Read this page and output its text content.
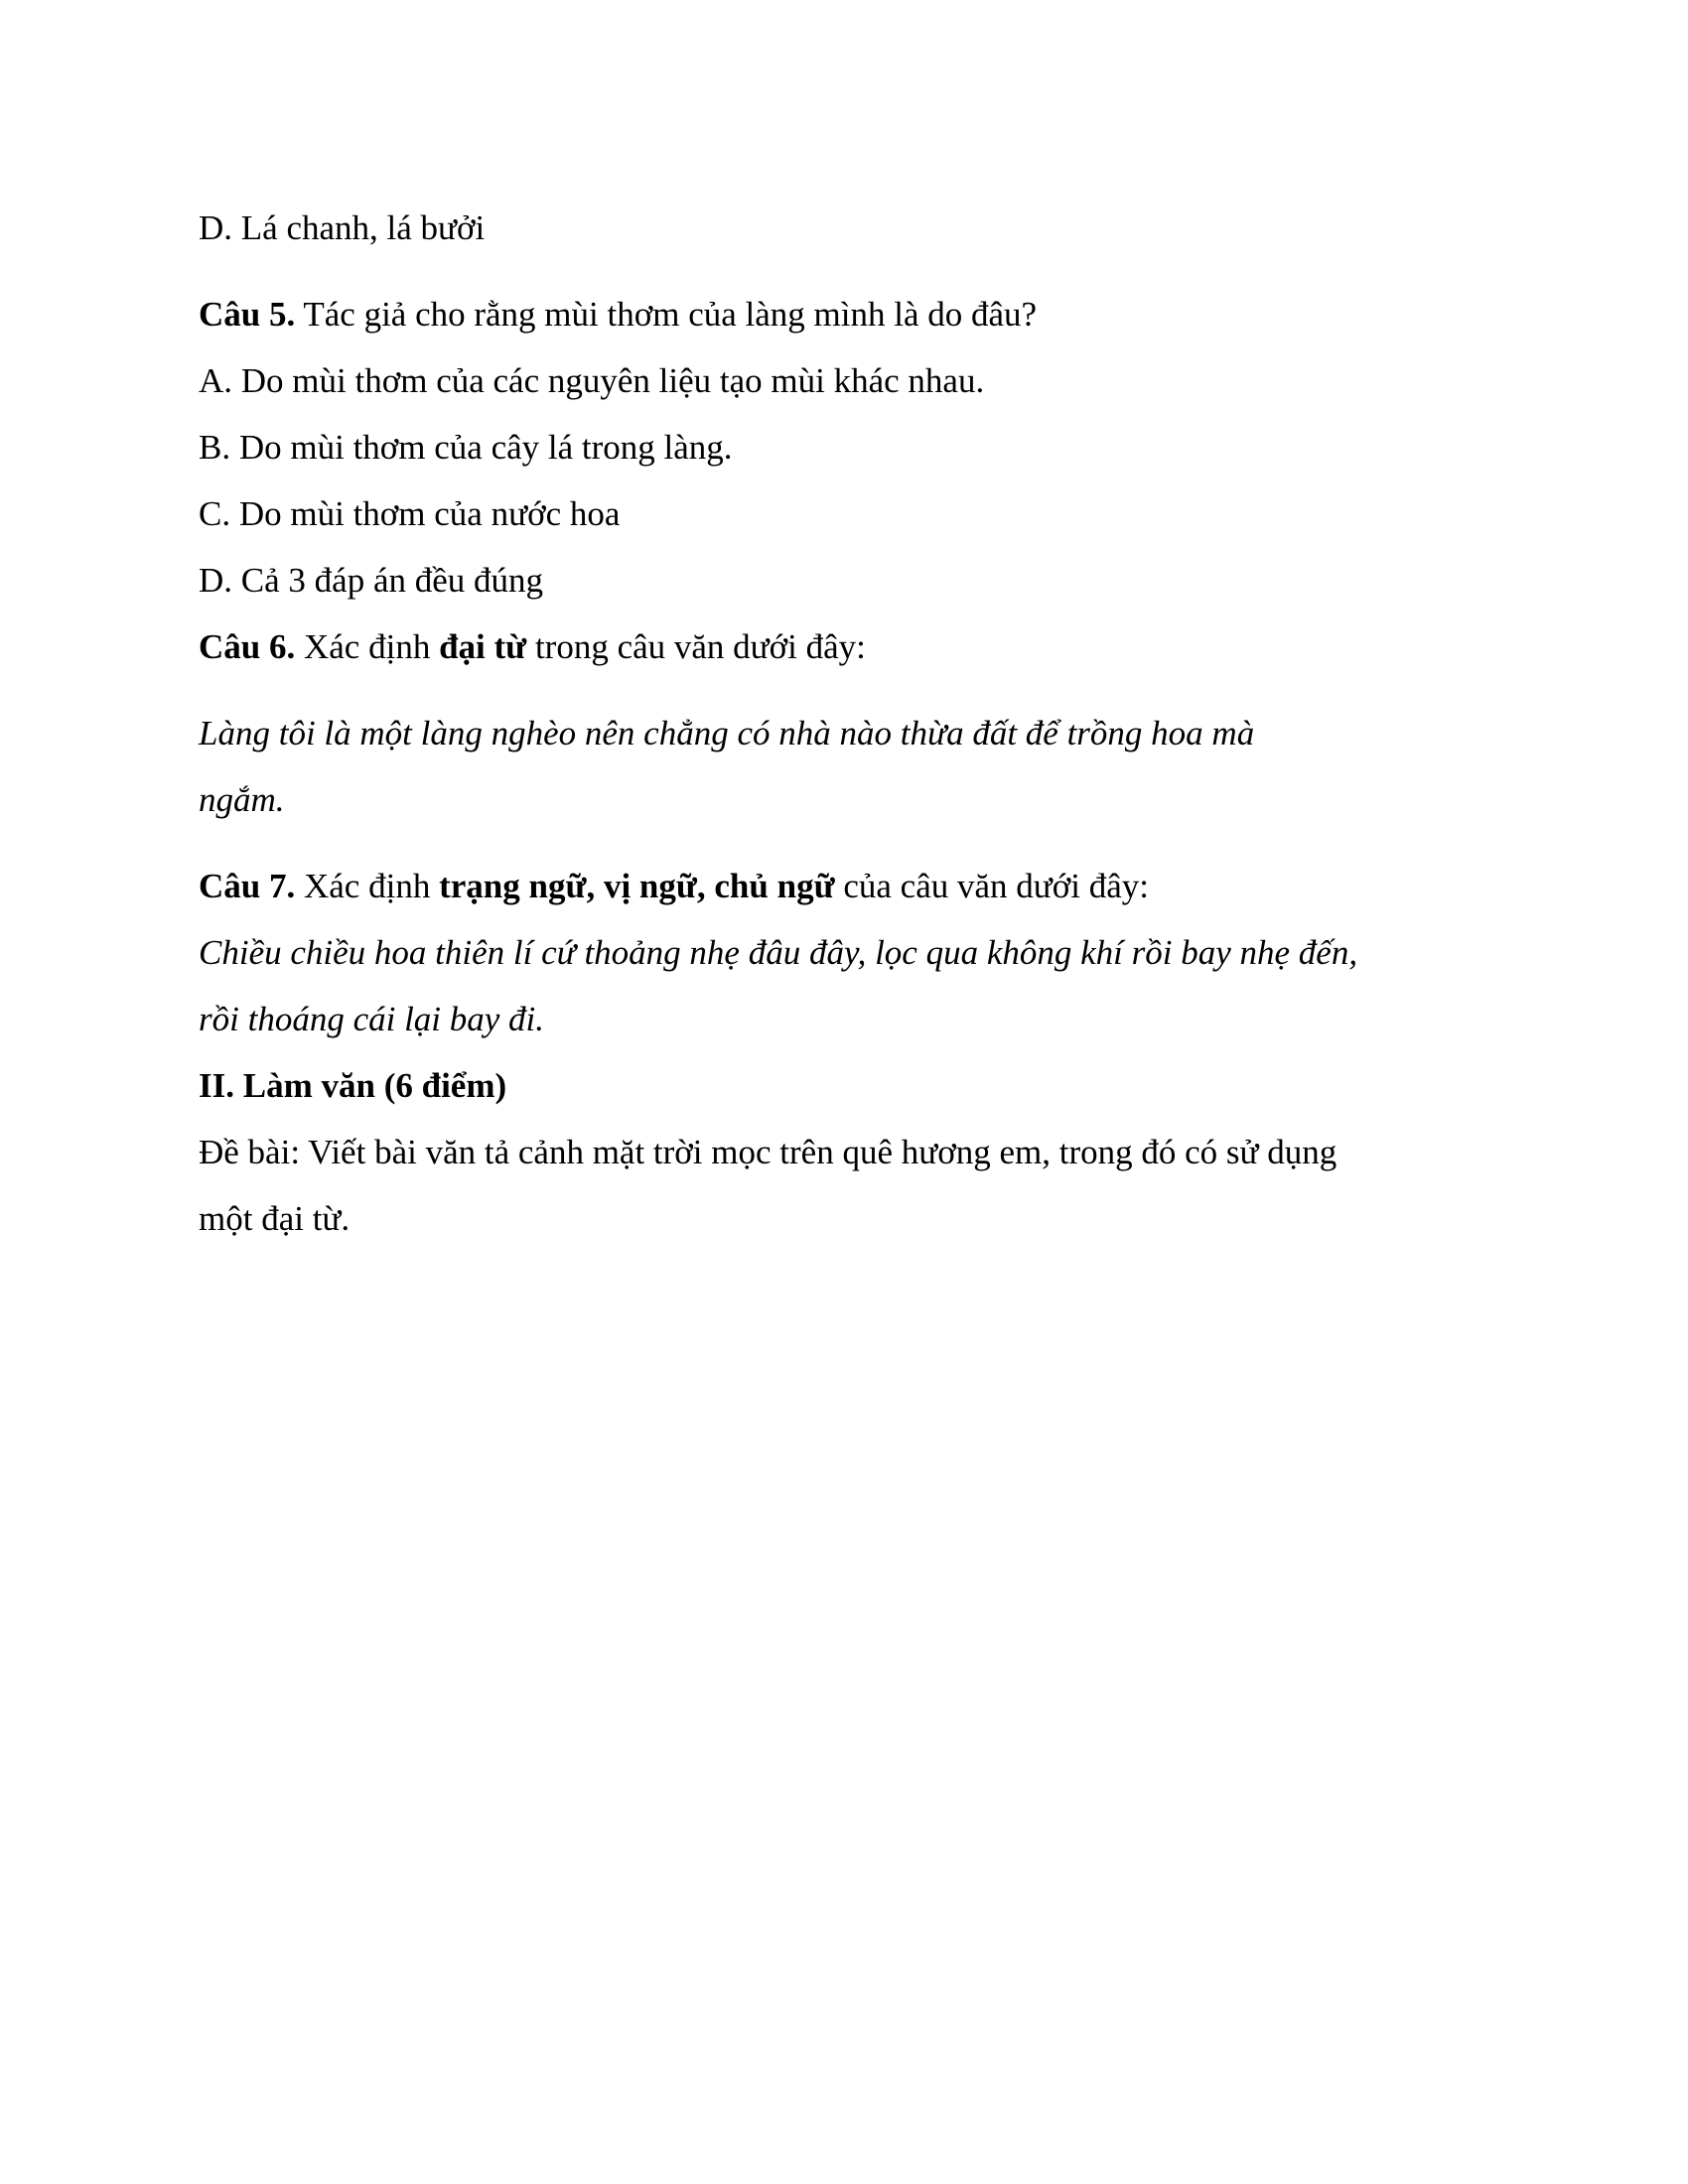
D. Lá chanh, lá bưởi
Câu 5. Tác giả cho rằng mùi thơm của làng mình là do đâu?
A. Do mùi thơm của các nguyên liệu tạo mùi khác nhau.
B. Do mùi thơm của cây lá trong làng.
C. Do mùi thơm của nước hoa
D. Cả 3 đáp án đều đúng
Câu 6. Xác định đại từ trong câu văn dưới đây:
Làng tôi là một làng nghèo nên chẳng có nhà nào thừa đất để trồng hoa mà
ngắm.
Câu 7. Xác định trạng ngữ, vị ngữ, chủ ngữ của câu văn dưới đây:
Chiều chiều hoa thiên lí cứ thoảng nhẹ đâu đây, lọc qua không khí rồi bay nhẹ đến,
rồi thoáng cái lại bay đi.
II. Làm văn (6 điểm)
Đề bài: Viết bài văn tả cảnh mặt trời mọc trên quê hương em, trong đó có sử dụng
một đại từ.
